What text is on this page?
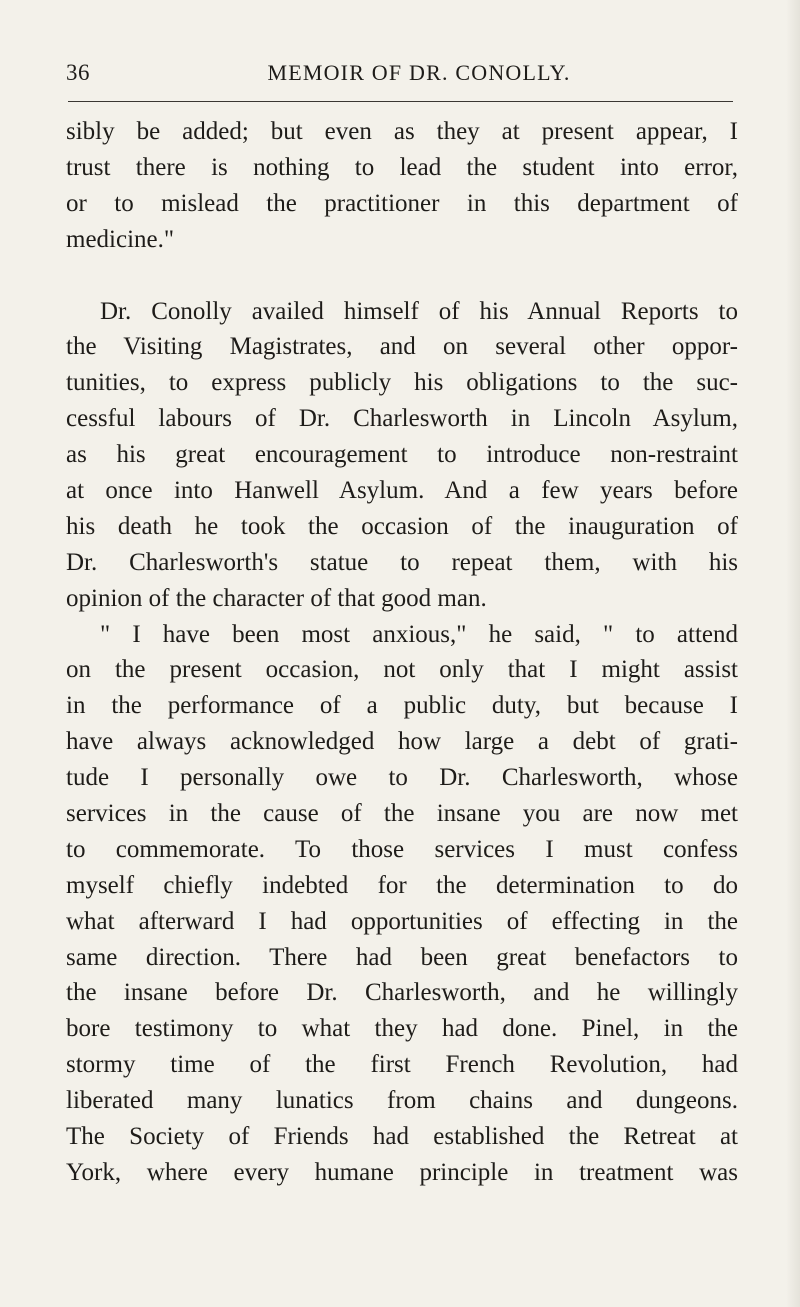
36	MEMOIR OF DR. CONOLLY.
sibly be added; but even as they at present appear, I
trust there is nothing to lead the student into error,
or to mislead the practitioner in this department of
medicine."
Dr. Conolly availed himself of his Annual Reports to
the Visiting Magistrates, and on several other oppor-
tunities, to express publicly his obligations to the suc-
cessful labours of Dr. Charlesworth in Lincoln Asylum,
as his great encouragement to introduce non-restraint
at once into Hanwell Asylum. And a few years before
his death he took the occasion of the inauguration of
Dr. Charlesworth's statue to repeat them, with his
opinion of the character of that good man.
" I have been most anxious," he said, " to attend
on the present occasion, not only that I might assist
in the performance of a public duty, but because I
have always acknowledged how large a debt of grati-
tude I personally owe to Dr. Charlesworth, whose
services in the cause of the insane you are now met
to commemorate. To those services I must confess
myself chiefly indebted for the determination to do
what afterward I had opportunities of effecting in the
same direction. There had been great benefactors to
the insane before Dr. Charlesworth, and he willingly
bore testimony to what they had done. Pinel, in the
stormy time of the first French Revolution, had
liberated many lunatics from chains and dungeons.
The Society of Friends had established the Retreat at
York, where every humane principle in treatment was
